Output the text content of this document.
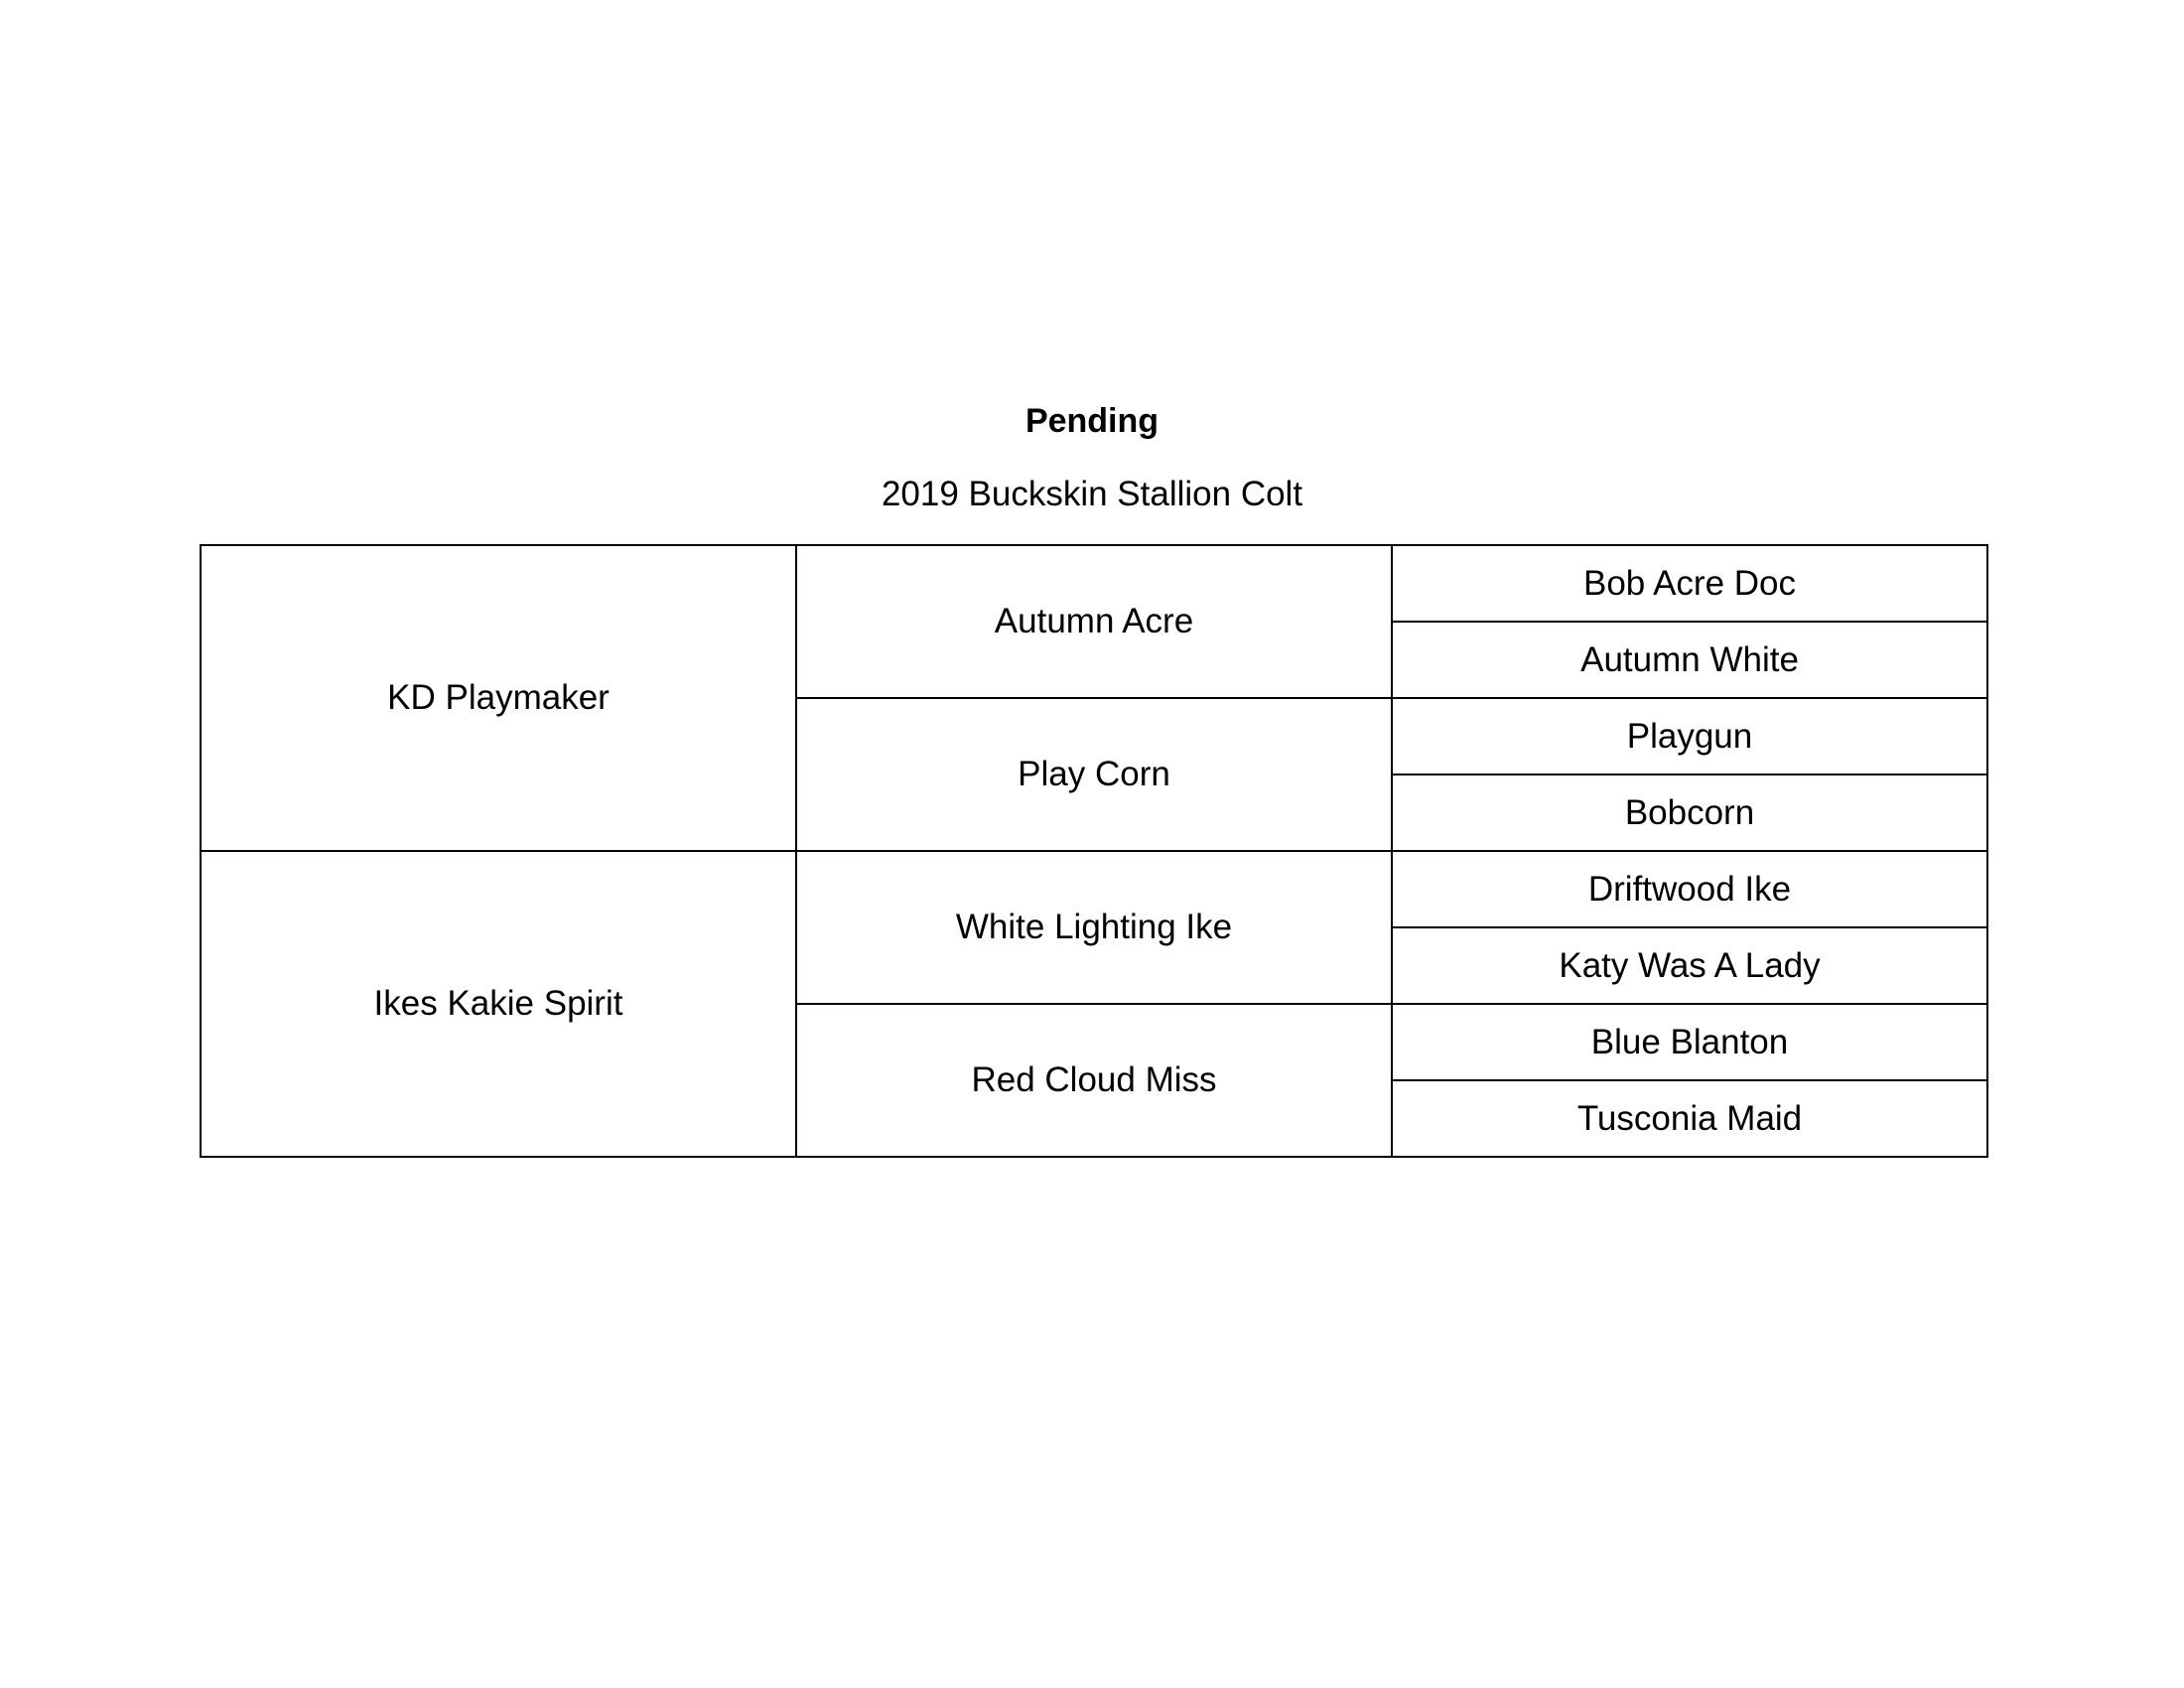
Pending
2019 Buckskin Stallion Colt
KD Playmaker	Autumn Acre	Bob Acre Doc
		Autumn White
	Play Corn	Playgun
		Bobcorn
Ikes Kakie Spirit	White Lighting Ike	Driftwood Ike
		Katy Was A Lady
	Red Cloud Miss	Blue Blanton
		Tusconia Maid
